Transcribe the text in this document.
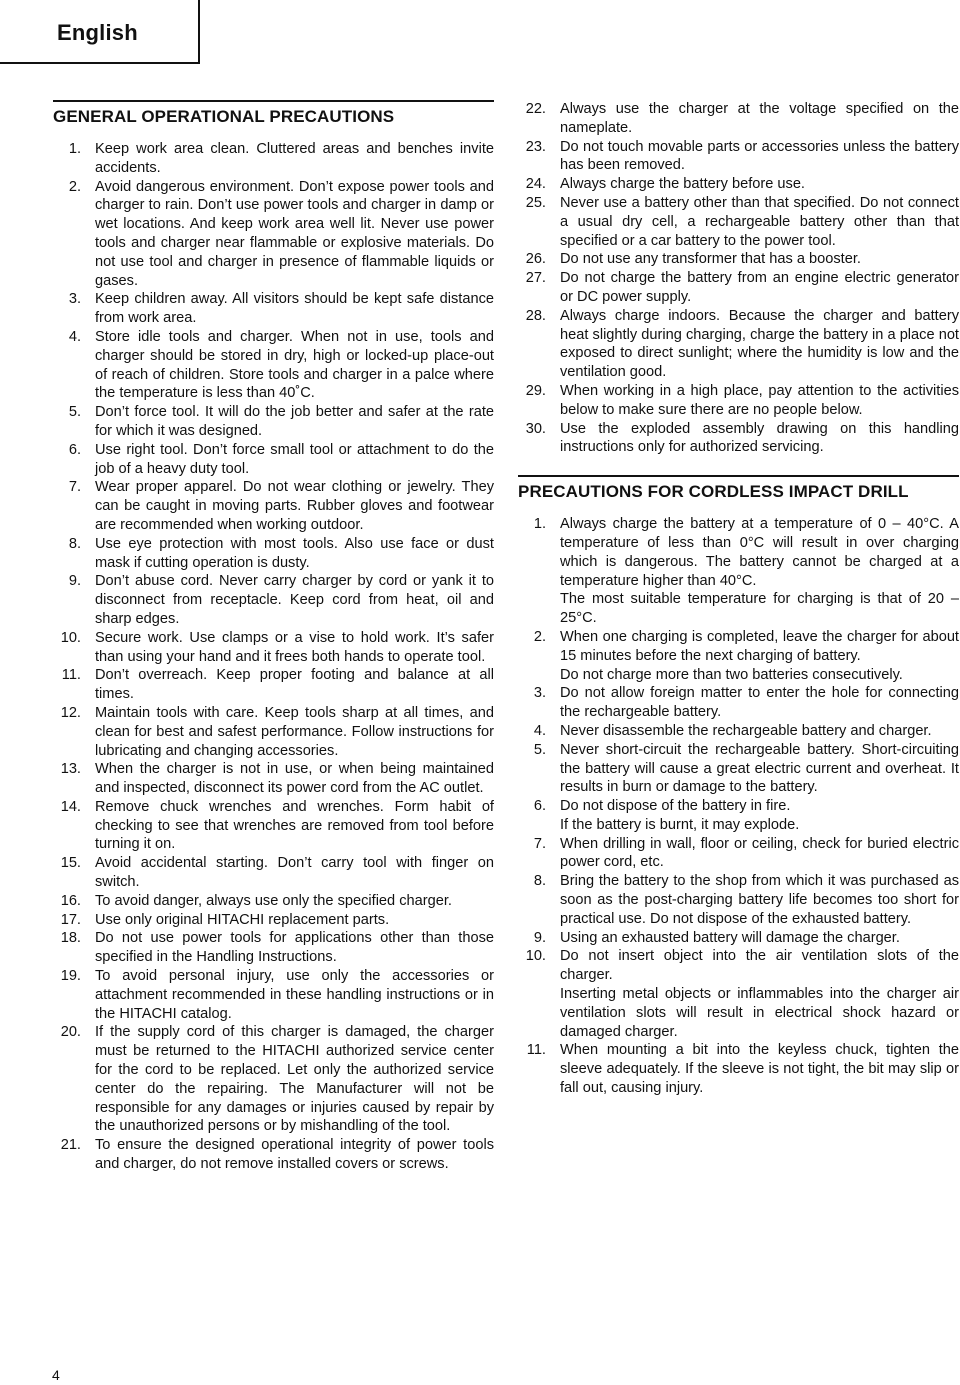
English
GENERAL OPERATIONAL PRECAUTIONS
1. Keep work area clean. Cluttered areas and benches invite accidents.
2. Avoid dangerous environment. Don’t expose power tools and charger to rain. Don’t use power tools and charger in damp or wet locations. And keep work area well lit. Never use power tools and charger near flammable or explosive materials. Do not use tool and charger in presence of flammable liquids or gases.
3. Keep children away. All visitors should be kept safe distance from work area.
4. Store idle tools and charger. When not in use, tools and charger should be stored in dry, high or locked-up place-out of reach of children. Store tools and charger in a palce where the temperature is less than 40˚C.
5. Don’t force tool. It will do the job better and safer at the rate for which it was designed.
6. Use right tool. Don’t force small tool or attachment to do the job of a heavy duty tool.
7. Wear proper apparel. Do not wear clothing or jewelry. They can be caught in moving parts. Rubber gloves and footwear are recommended when working outdoor.
8. Use eye protection with most tools. Also use face or dust mask if cutting operation is dusty.
9. Don’t abuse cord. Never carry charger by cord or yank it to disconnect from receptacle. Keep cord from heat, oil and sharp edges.
10. Secure work. Use clamps or a vise to hold work. It’s safer than using your hand and it frees both hands to operate tool.
11. Don’t overreach. Keep proper footing and balance at all times.
12. Maintain tools with care. Keep tools sharp at all times, and clean for best and safest performance. Follow instructions for lubricating and changing accessories.
13. When the charger is not in use, or when being maintained and inspected, disconnect its power cord from the AC outlet.
14. Remove chuck wrenches and wrenches. Form habit of checking to see that wrenches are removed from tool before turning it on.
15. Avoid accidental starting. Don’t carry tool with finger on switch.
16. To avoid danger, always use only the specified charger.
17. Use only original HITACHI replacement parts.
18. Do not use power tools for applications other than those specified in the Handling Instructions.
19. To avoid personal injury, use only the accessories or attachment recommended in these handling instructions or in the HITACHI catalog.
20. If the supply cord of this charger is damaged, the charger must be returned to the HITACHI authorized service center for the cord to be replaced. Let only the authorized service center do the repairing. The Manufacturer will not be responsible for any damages or injuries caused by repair by the unauthorized persons or by mishandling of the tool.
21. To ensure the designed operational integrity of power tools and charger, do not remove installed covers or screws.
22. Always use the charger at the voltage specified on the nameplate.
23. Do not touch movable parts or accessories unless the battery has been removed.
24. Always charge the battery before use.
25. Never use a battery other than that specified. Do not connect a usual dry cell, a rechargeable battery other than that specified or a car battery to the power tool.
26. Do not use any transformer that has a booster.
27. Do not charge the battery from an engine electric generator or DC power supply.
28. Always charge indoors. Because the charger and battery heat slightly during charging, charge the battery in a place not exposed to direct sunlight; where the humidity is low and the ventilation good.
29. When working in a high place, pay attention to the activities below to make sure there are no people below.
30. Use the exploded assembly drawing on this handling instructions only for authorized servicing.
PRECAUTIONS FOR CORDLESS IMPACT DRILL
1. Always charge the battery at a temperature of 0 – 40°C. A temperature of less than 0°C will result in over charging which is dangerous. The battery cannot be charged at a temperature higher than 40°C.
The most suitable temperature for charging is that of 20 – 25°C.
2. When one charging is completed, leave the charger for about 15 minutes before the next charging of battery.
Do not charge more than two batteries consecutively.
3. Do not allow foreign matter to enter the hole for connecting the rechargeable battery.
4. Never disassemble the rechargeable battery and charger.
5. Never short-circuit the rechargeable battery. Short-circuiting the battery will cause a great electric current and overheat. It results in burn or damage to the battery.
6. Do not dispose of the battery in fire.
If the battery is burnt, it may explode.
7. When drilling in wall, floor or ceiling, check for buried electric power cord, etc.
8. Bring the battery to the shop from which it was purchased as soon as the post-charging battery life becomes too short for practical use. Do not dispose of the exhausted battery.
9. Using an exhausted battery will damage the charger.
10. Do not insert object into the air ventilation slots of the charger.
Inserting metal objects or inflammables into the charger air ventilation slots will result in electrical shock hazard or damaged charger.
11. When mounting a bit into the keyless chuck, tighten the sleeve adequately. If the sleeve is not tight, the bit may slip or fall out, causing injury.
4
